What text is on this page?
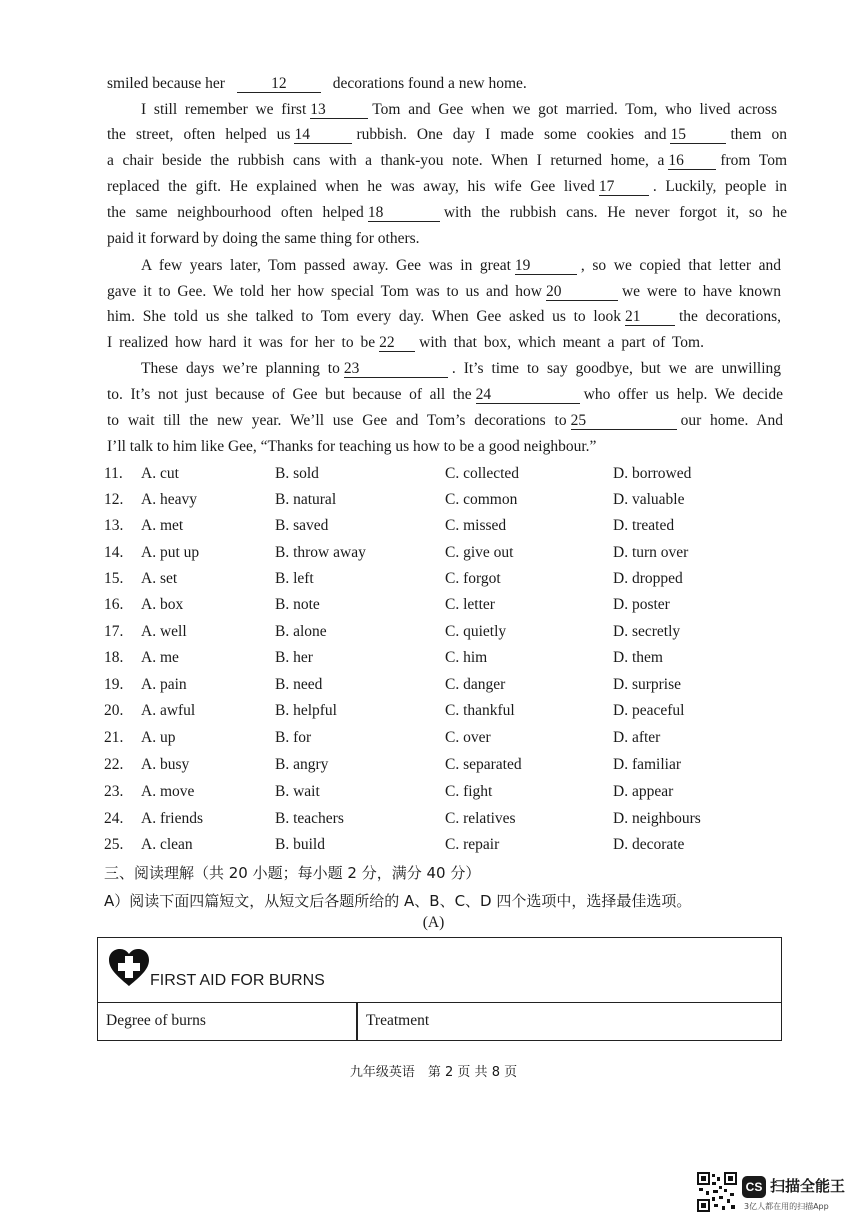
smiled because her	12	decorations found a new home.
I still remember we first 13	Tom and Gee when we got married. Tom, who lived across
the street, often helped us 14	rubbish. One day I made some cookies and 15	them on
a chair beside the rubbish cans with a thank-you note. When I returned home, a 16 from Tom
replaced the gift. He explained when he was away, his wife Gee lived 17 . Luckily, people in
the same neighbourhood often helped 18	with the rubbish cans. He never forgot it, so he
paid it forward by doing the same thing for others.
A few years later, Tom passed away. Gee was in great 19	, so we copied that letter and
gave it to Gee. We told her how special Tom was to us and how 20	we were to have known
him. She told us she talked to Tom every day. When Gee asked us to look 21 the decorations,
I realized how hard it was for her to be 22 with that box, which meant a part of Tom.
These days we’re planning to 23	. It’s time to say goodbye, but we are unwilling
to. It’s not just because of Gee but because of all the 24	who offer us help. We decide
to wait till the new year. We’ll use Gee and Tom’s decorations to 25	our home. And
I’ll talk to him like Gee, “Thanks for teaching us how to be a good neighbour.”
11. A. cut	B. sold	C. collected	D. borrowed
12. A. heavy	B. natural	C. common	D. valuable
13. A. met	B. saved	C. missed	D. treated
14. A. put up	B. throw away	C. give out	D. turn over
15. A. set	B. left	C. forgot	D. dropped
16. A. box	B. note	C. letter	D. poster
17. A. well	B. alone	C. quietly	D. secretly
18. A. me	B. her	C. him	D. them
19. A. pain	B. need	C. danger	D. surprise
20. A. awful	B. helpful	C. thankful	D. peaceful
21. A. up	B. for	C. over	D. after
22. A. busy	B. angry	C. separated	D. familiar
23. A. move	B. wait	C. fight	D. appear
24. A. friends	B. teachers	C. relatives	D. neighbours
25. A. clean	B. build	C. repair	D. decorate
三、阅读理解（共 20 小题；每小题 2 分，满分 40 分）
A）阅读下面四篇短文，从短文后各题所给的 A、B、C、D 四个选项中，选择最佳选项。
(A)
FIRST AID FOR BURNS
Degree of burns	Treatment
九年级英语　第 2 页 共 8 页
CS 扫描全能王
3亿人都在用的扫描App
